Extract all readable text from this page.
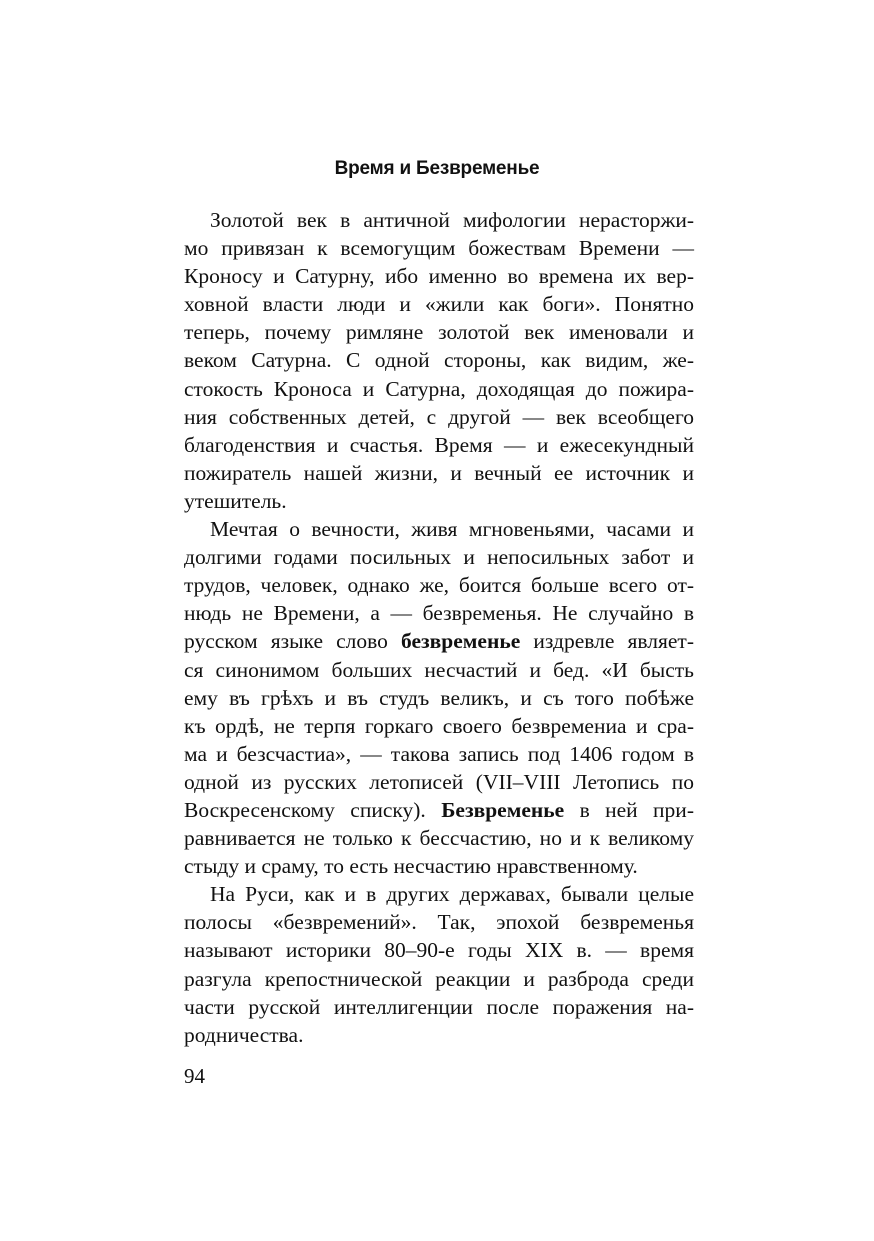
Время и Безвременье
Золотой век в античной мифологии нерасторжи-
мо привязан к всемогущим божествам Времени —
Кроносу и Сатурну, ибо именно во времена их вер-
ховной власти люди и «жили как боги». Понятно
теперь, почему римляне золотой век именовали и
веком Сатурна. С одной стороны, как видим, же-
стокость Кроноса и Сатурна, доходящая до пожира-
ния собственных детей, с другой — век всеобщего
благоденствия и счастья. Время — и ежесекундный
пожиратель нашей жизни, и вечный ее источник и
утешитель.
Мечтая о вечности, живя мгновеньями, часами и
долгими годами посильных и непосильных забот и
трудов, человек, однако же, боится больше всего от-
нюдь не Времени, а — безвременья. Не случайно в
русском языке слово безвременье издревле являет-
ся синонимом больших несчастий и бед. «И бысть
ему въ грѣхъ и въ студъ великъ, и съ того побѣже
къ ордѣ, не терпя горкаго своего безвремениа и сра-
ма и безсчастиа», — такова запись под 1406 годом в
одной из русских летописей (VII–VIII Летопись по
Воскресенскому списку). Безвременье в ней при-
равнивается не только к бесcчастию, но и к великому
стыду и сраму, то есть несчастию нравственному.
На Руси, как и в других державах, бывали целые
полосы «безвремений». Так, эпохой безвременья
называют историки 80–90-е годы XIX в. — время
разгула крепостнической реакции и разброда среди
части русской интеллигенции после поражения на-
родничества.
94
